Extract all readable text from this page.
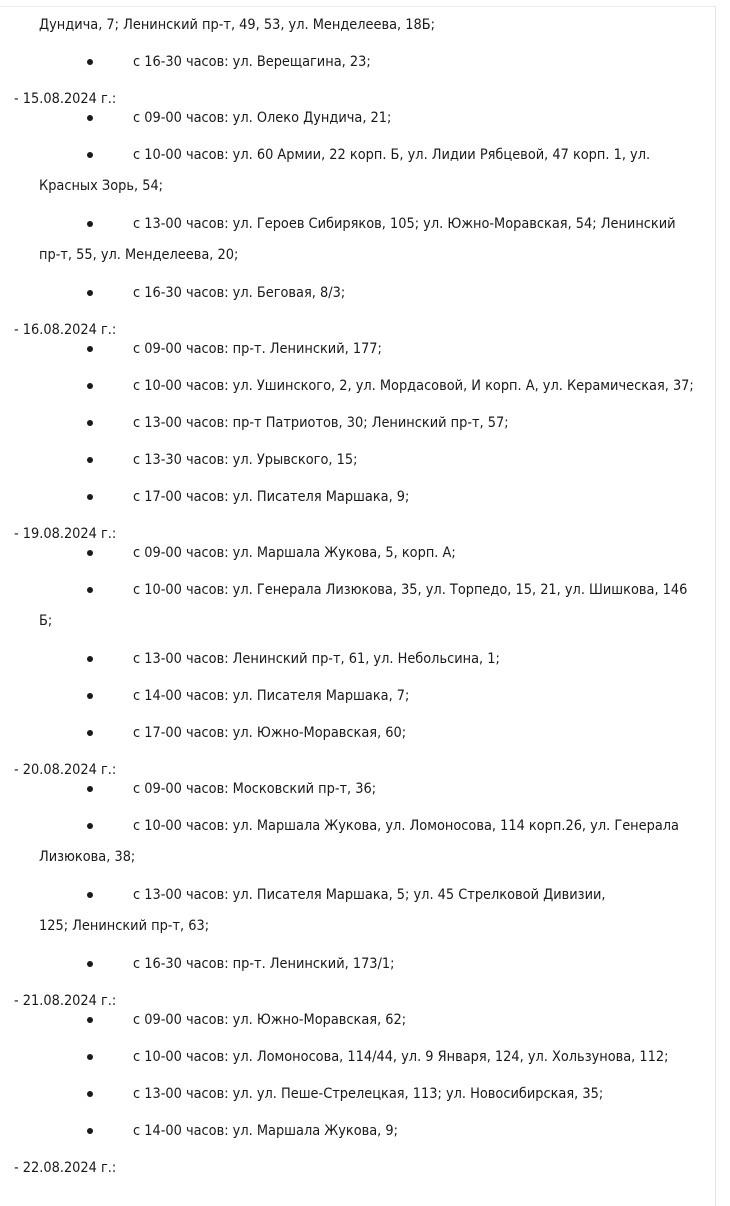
Дундича, 7; Ленинский пр-т, 49, 53, ул. Менделеева, 18Б;
с 16-30 часов: ул. Верещагина, 23;
- 15.08.2024 г.:
с 09-00 часов: ул. Олеко Дундича, 21;
с 10-00 часов: ул. 60 Армии, 22 корп. Б, ул. Лидии Рябцевой, 47 корп. 1, ул.
Красных Зорь, 54;
с 13-00 часов: ул. Героев Сибиряков, 105; ул. Южно-Моравская, 54; Ленинский
пр-т, 55, ул. Менделеева, 20;
с 16-30 часов: ул. Беговая, 8/3;
- 16.08.2024 г.:
с 09-00 часов: пр-т. Ленинский, 177;
с 10-00 часов: ул. Ушинского, 2, ул. Мордасовой, И корп. А, ул. Керамическая, 37;
с 13-00 часов: пр-т Патриотов, 30; Ленинский пр-т, 57;
с 13-30 часов: ул. Урывского, 15;
с 17-00 часов: ул. Писателя Маршака, 9;
- 19.08.2024 г.:
с 09-00 часов: ул. Маршала Жукова, 5, корп. А;
с 10-00 часов: ул. Генерала Лизюкова, 35, ул. Торпедо, 15, 21, ул. Шишкова, 146
Б;
с 13-00 часов: Ленинский пр-т, 61, ул. Небольсина, 1;
с 14-00 часов: ул. Писателя Маршака, 7;
с 17-00 часов: ул. Южно-Моравская, 60;
- 20.08.2024 г.:
с 09-00 часов: Московский пр-т, 36;
с 10-00 часов: ул. Маршала Жукова, ул. Ломоносова, 114 корп.26, ул. Генерала
Лизюкова, 38;
с 13-00 часов: ул. Писателя Маршака, 5; ул. 45 Стрелковой Дивизии,
125; Ленинский пр-т, 63;
с 16-30 часов: пр-т. Ленинский, 173/1;
- 21.08.2024 г.:
с 09-00 часов: ул. Южно-Моравская, 62;
с 10-00 часов: ул. Ломоносова, 114/44, ул. 9 Января, 124, ул. Хользунова, 112;
с 13-00 часов: ул. ул. Пеше-Стрелецкая, 113; ул. Новосибирская, 35;
с 14-00 часов: ул. Маршала Жукова, 9;
- 22.08.2024 г.:
